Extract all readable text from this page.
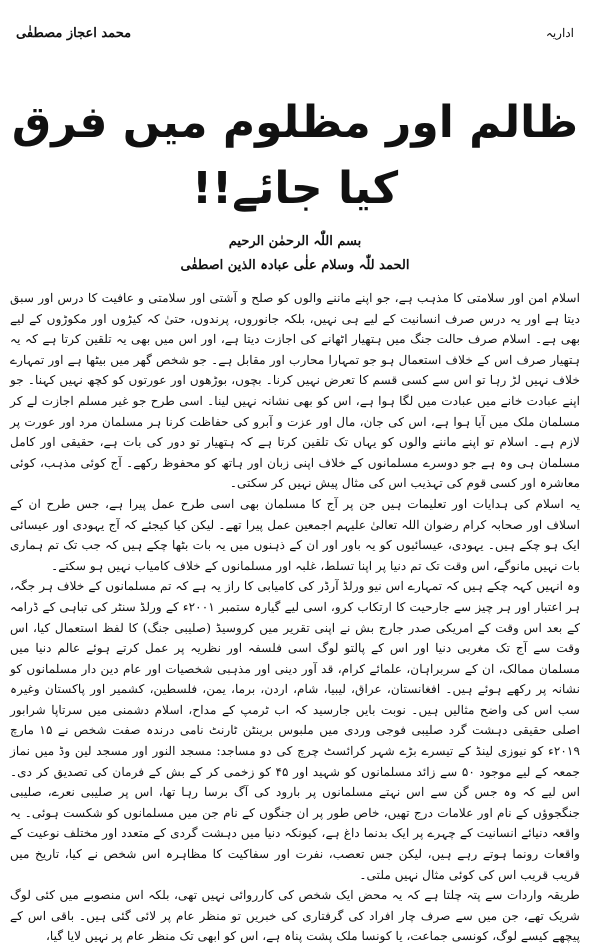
محمد اعجاز مصطفٰی	اداریہ
ظالم اور مظلوم میں فرق کیا جائے!!

بسم اللّٰہ الرحمٰن الرحیم

الحمد للّٰہ وسلام علٰی عبادہ الذین اصطفٰی

اسلام امن اور سلامتی کا مذہب ہے، جو اپنے ماننے والوں کو صلح و آشتی اور سلامتی و عافیت کا درس اور سبق دیتا ہے اور یہ درس صرف انسانیت کے لیے ہی نہیں، بلکہ جانوروں، پرندوں، حتیٰ کہ کیڑوں اور مکوڑوں کے لیے بھی ہے۔ اسلام صرف حالت جنگ میں ہتھیار اٹھانے کی اجازت دیتا ہے، اور اس میں بھی یہ تلقین کرتا ہے کہ یہ ہتھیار صرف اس کے خلاف استعمال ہو جو تمہارا محارب اور مقابل ہے۔ جو شخص گھر میں بیٹھا ہے اور تمہارے خلاف نہیں لڑ رہا تو اس سے کسی قسم کا تعرض نہیں کرنا۔ بچوں، بوڑھوں اور عورتوں کو کچھ نہیں کہنا۔ جو اپنے عبادت خانے میں عبادت میں لگا ہوا ہے، اس کو بھی نشانہ نہیں لینا۔ اسی طرح جو غیر مسلم اجازت لے کر مسلمان ملک میں آیا ہوا ہے، اس کی جان، مال اور عزت و آبرو کی حفاظت کرنا ہر مسلمان مرد اور عورت پر لازم ہے۔ اسلام تو اپنے ماننے والوں کو یہاں تک تلقین کرتا ہے کہ ہتھیار تو دور کی بات ہے، حقیقی اور کامل مسلمان ہی وہ ہے جو دوسرے مسلمانوں کے خلاف اپنی زبان اور ہاتھ کو محفوظ رکھے۔ آج کوئی مذہب، کوئی معاشرہ اور کسی قوم کی تہذیب اس کی مثال پیش نہیں کر سکتی۔

یہ اسلام کی ہدایات اور تعلیمات ہیں جن پر آج کا مسلمان بھی اسی طرح عمل پیرا ہے، جس طرح ان کے اسلاف اور صحابہ کرام رضوان اللہ تعالیٰ علیہم اجمعین عمل پیرا تھے۔ لیکن کیا کیجئے کہ آج یہودی اور عیسائی ایک ہو چکے ہیں۔ یہودی، عیسائیوں کو یہ باور اور ان کے ذہنوں میں یہ بات بٹھا چکے ہیں کہ جب تک تم ہماری بات نہیں مانوگے، اس وقت تک تم دنیا پر اپنا تسلط، غلبہ اور مسلمانوں کے خلاف کامیاب نہیں ہو سکتے۔

وہ انہیں کہہ چکے ہیں کہ تمہارے اس نیو ورلڈ آرڈر کی کامیابی کا راز یہ ہے کہ تم مسلمانوں کے خلاف ہر جگہ، ہر اعتبار اور ہر چیز سے جارحیت کا ارتکاب کرو، اسی لیے گیارہ ستمبر ۲۰۰۱ء کے ورلڈ سنٹر کی تباہی کے ڈرامہ کے بعد اس وقت کے امریکی صدر جارج بش نے اپنی تقریر میں کروسیڈ (صلیبی جنگ) کا لفظ استعمال کیا، اس وقت سے آج تک مغربی دنیا اور اس کے پالتو لوگ اسی فلسفہ اور نظریہ پر عمل کرتے ہوئے عالم دنیا میں مسلمان ممالک، ان کے سربراہان، علمائے کرام، قد آور دینی اور مذہبی شخصیات اور عام دین دار مسلمانوں کو نشانہ پر رکھے ہوئے ہیں۔ افغانستان، عراق، لیبیا، شام، اردن، برما، یمن، فلسطین، کشمیر اور پاکستان وغیرہ سب اس کی واضح مثالیں ہیں۔ نوبت بایں جارسید کہ اب ٹرمپ کے مداح، اسلام دشمنی میں سرتاپا شرابور اصلی حقیقی دہشت گرد صلیبی فوجی وردی میں ملبوس برینٹن ٹارنٹ نامی درندہ صفت شخص نے ۱۵ مارچ ۲۰۱۹ء کو نیوزی لینڈ کے تیسرے بڑے شہر کرائسٹ چرچ کی دو مساجد: مسجد النور اور مسجد لین وڈ میں نماز جمعہ کے لیے موجود ۵۰ سے زائد مسلمانوں کو شہید اور ۴۵ کو زخمی کر کے بش کے فرمان کی تصدیق کر دی۔ اس لیے کہ وہ جس گن سے اس نہتے مسلمانوں پر بارود کی آگ برسا رہا تھا، اس پر صلیبی نعرے، صلیبی جنگجوؤں کے نام اور علامات درج تھیں، خاص طور پر ان جنگوں کے نام جن میں مسلمانوں کو شکست ہوئی۔ یہ واقعہ دنیائے انسانیت کے چہرے پر ایک بدنما داغ ہے، کیونکہ دنیا میں دہشت گردی کے متعدد اور مختلف نوعیت کے واقعات رونما ہوتے رہے ہیں، لیکن جس تعصب، نفرت اور سفاکیت کا مظاہرہ اس شخص نے کیا، تاریخ میں قریب قریب اس کی کوئی مثال نہیں ملتی۔

طریقہ واردات سے پتہ چلتا ہے کہ یہ محض ایک شخص کی کارروائی نہیں تھی، بلکہ اس منصوبے میں کئی لوگ شریک تھے، جن میں سے صرف چار افراد کی گرفتاری کی خبریں تو منظر عام پر لائی گئی ہیں۔ باقی اس کے پیچھے کیسے لوگ، کونسی جماعت، یا کونسا ملک پشت پناہ ہے، اس کو ابھی تک منظر عام پر نہیں لایا گیا،
